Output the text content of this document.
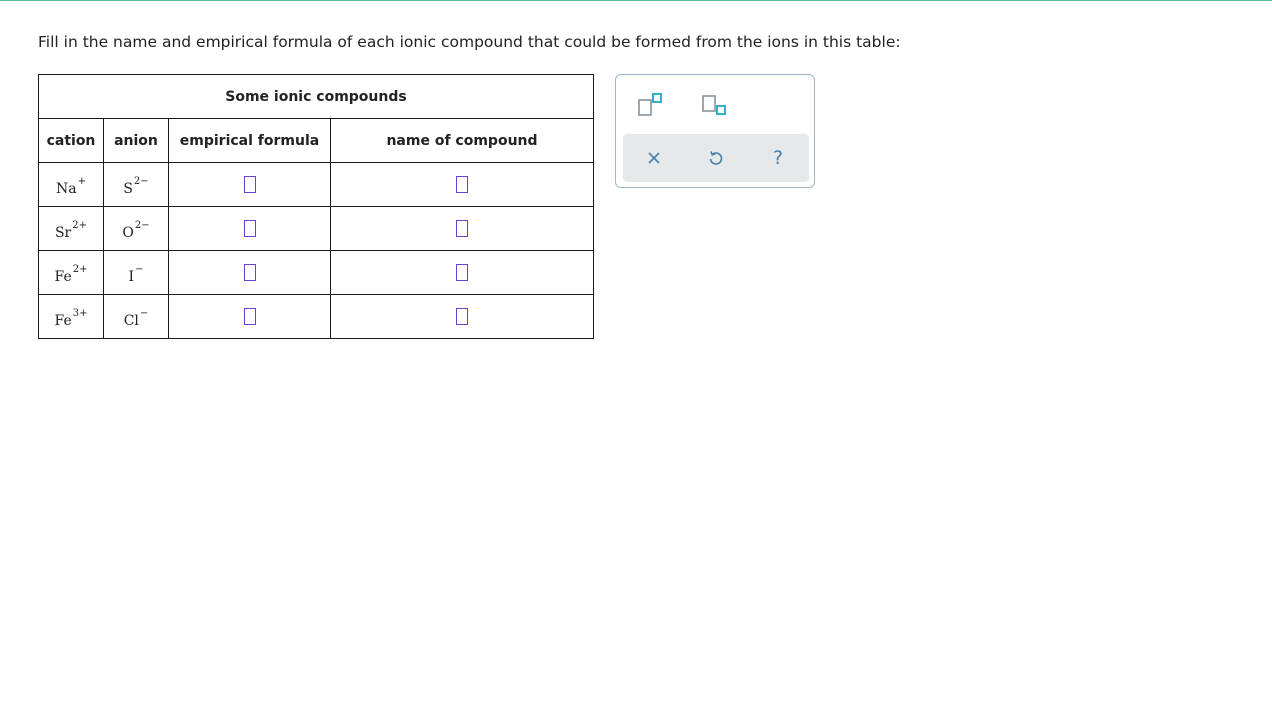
Fill in the name and empirical formula of each ionic compound that could be formed from the ions in this table:
Some ionic compounds			
cation	anion	empirical formula	name of compound
Na+	$S^{2-}$		
$Sr^{2+}$	$O^{2-}$		
$Fe^{2+}$	I−		
$Fe^{3+}$	Cl−		
?
